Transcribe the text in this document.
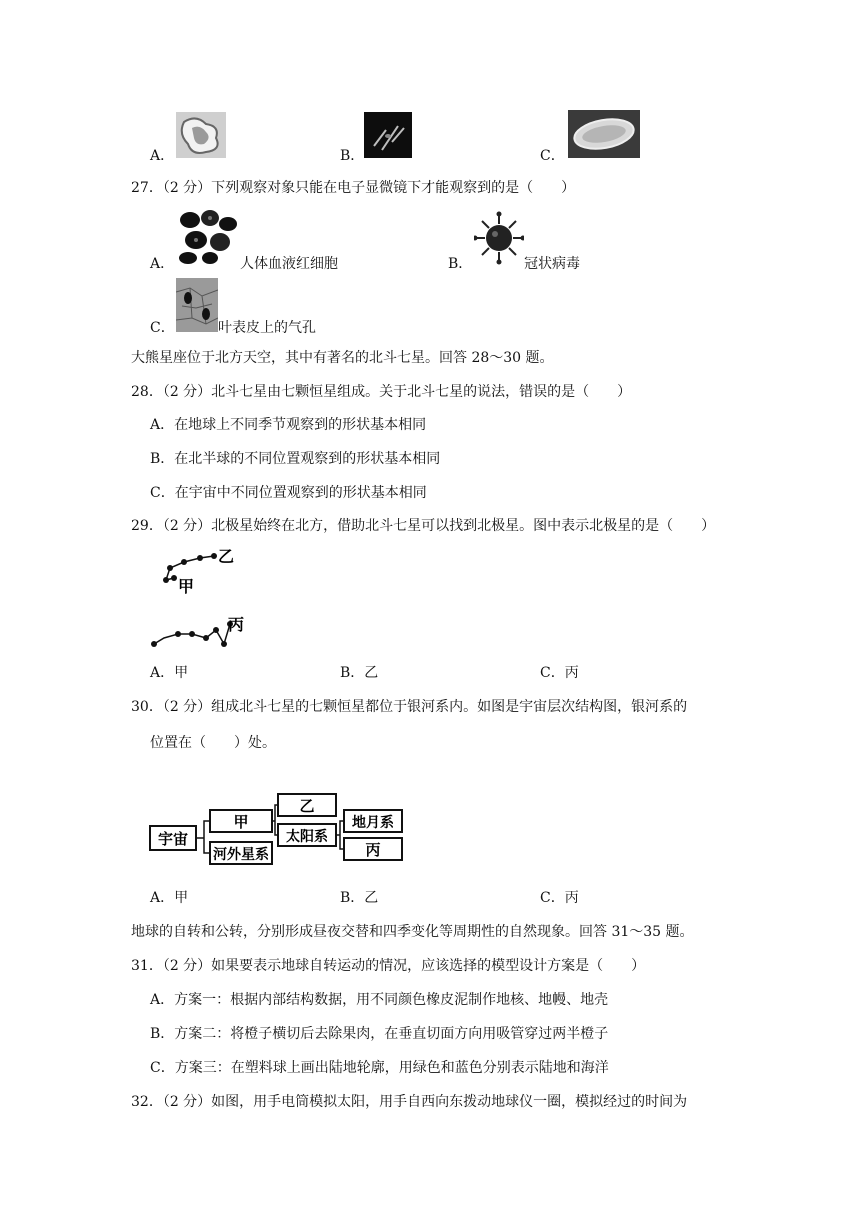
A．	B．	C．
27．（2 分）下列观察对象只能在电子显微镜下才能观察到的是（　　）
A．	人体血液红细胞	B．	冠状病毒
C．	叶表皮上的气孔
大熊星座位于北方天空，其中有著名的北斗七星。回答 28～30 题。
28．（2 分）北斗七星由七颗恒星组成。关于北斗七星的说法，错误的是（　　）
A．在地球上不同季节观察到的形状基本相同
B．在北半球的不同位置观察到的形状基本相同
C．在宇宙中不同位置观察到的形状基本相同
29．（2 分）北极星始终在北方，借助北斗七星可以找到北极星。图中表示北极星的是（　　）
乙
甲
丙
A．甲	B．乙	C．丙
30．（2 分）组成北斗七星的七颗恒星都位于银河系内。如图是宇宙层次结构图，银河系的
位置在（　　）处。
宇宙
甲
河外星系
乙
太阳系
地月系
丙
A．甲	B．乙	C．丙
地球的自转和公转，分别形成昼夜交替和四季变化等周期性的自然现象。回答 31～35 题。
31．（2 分）如果要表示地球自转运动的情况，应该选择的模型设计方案是（　　）
A．方案一：根据内部结构数据，用不同颜色橡皮泥制作地核、地幔、地壳
B．方案二：将橙子横切后去除果肉，在垂直切面方向用吸管穿过两半橙子
C．方案三：在塑料球上画出陆地轮廓，用绿色和蓝色分别表示陆地和海洋
32．（2 分）如图，用手电筒模拟太阳，用手自西向东拨动地球仪一圈，模拟经过的时间为
